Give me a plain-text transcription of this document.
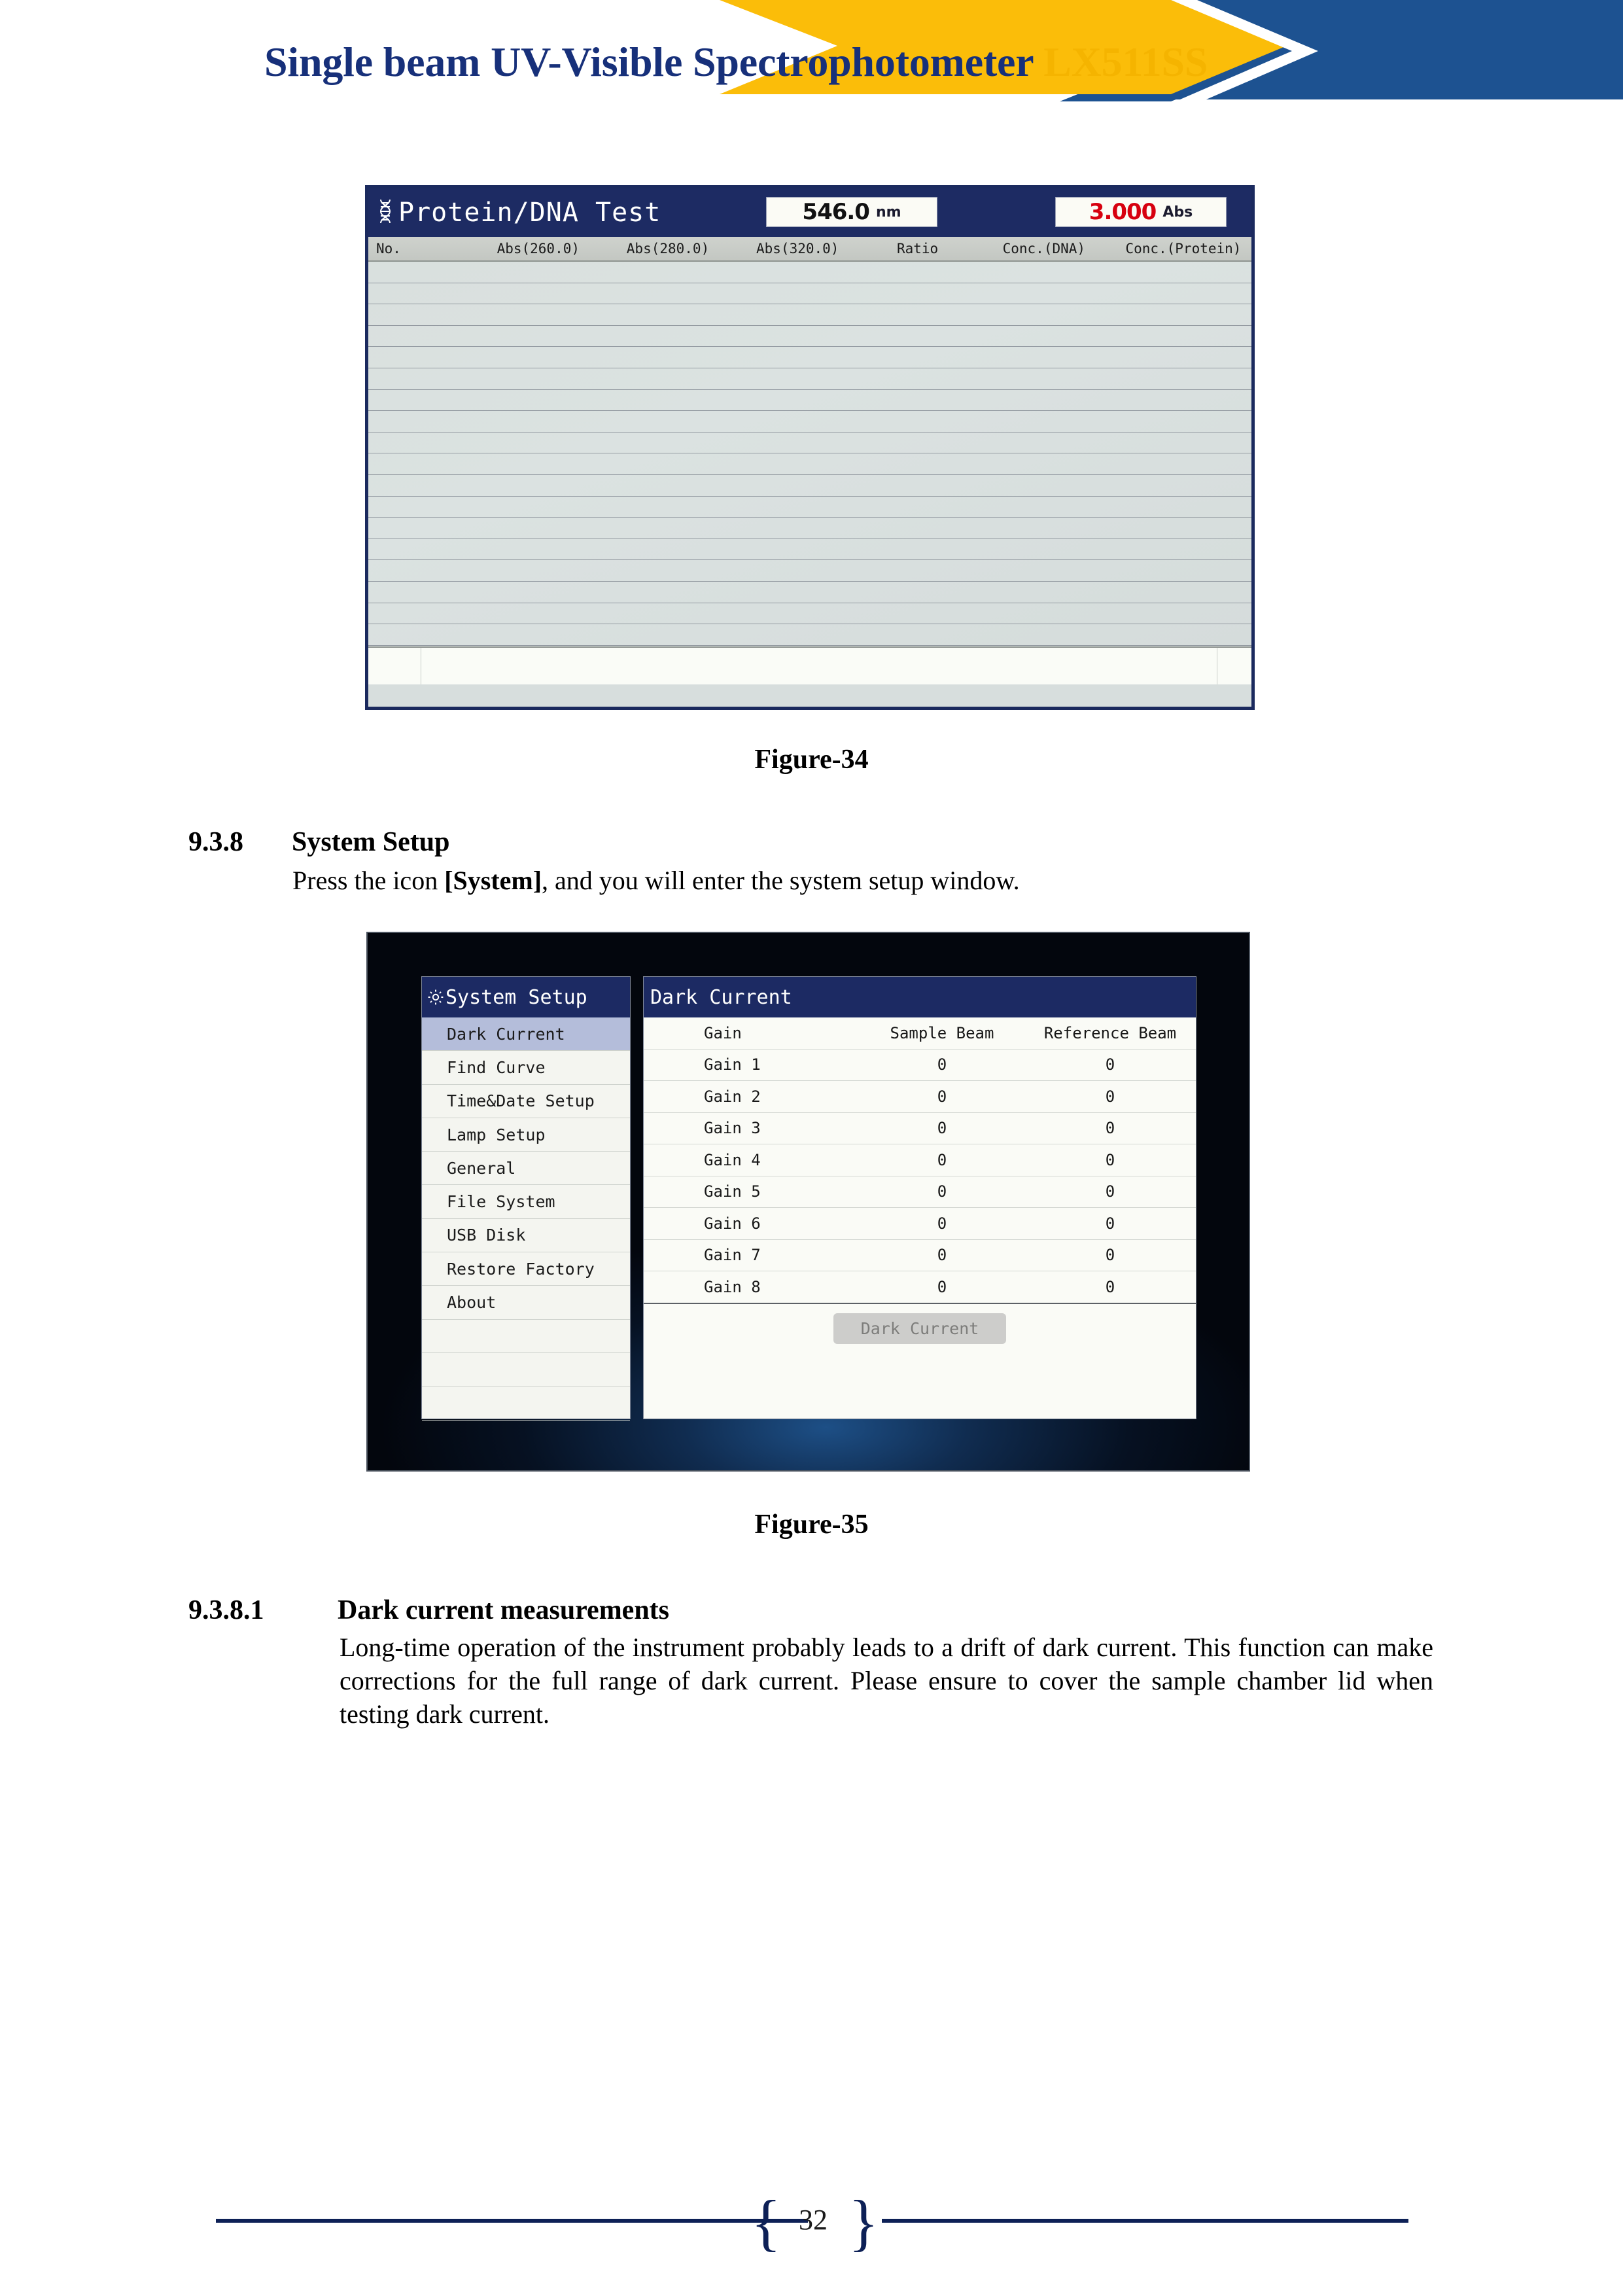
Single beam UV-Visible Spectrophotometer LX511SS
Protein/DNA Test	546.0 nm	3.000 Abs
No.	Abs(260.0)	Abs(280.0)	Abs(320.0)	Ratio	Conc.(DNA)	Conc.(Protein)
Figure-34
9.3.8 System Setup
Press the icon [System], and you will enter the system setup window.
System Setup
Dark Current
Find Curve
Time&Date Setup
Lamp Setup
General
File System
USB Disk
Restore Factory
About
Dark Current
Gain	Sample Beam	Reference Beam
Gain 1	0	0
Gain 2	0	0
Gain 3	0	0
Gain 4	0	0
Gain 5	0	0
Gain 6	0	0
Gain 7	0	0
Gain 8	0	0
Dark Current
Figure-35
9.3.8.1	Dark current measurements
Long-time operation of the instrument probably leads to a drift of dark current. This function can make corrections for the full range of dark current. Please ensure to cover the sample chamber lid when testing dark current.
{ }
32
